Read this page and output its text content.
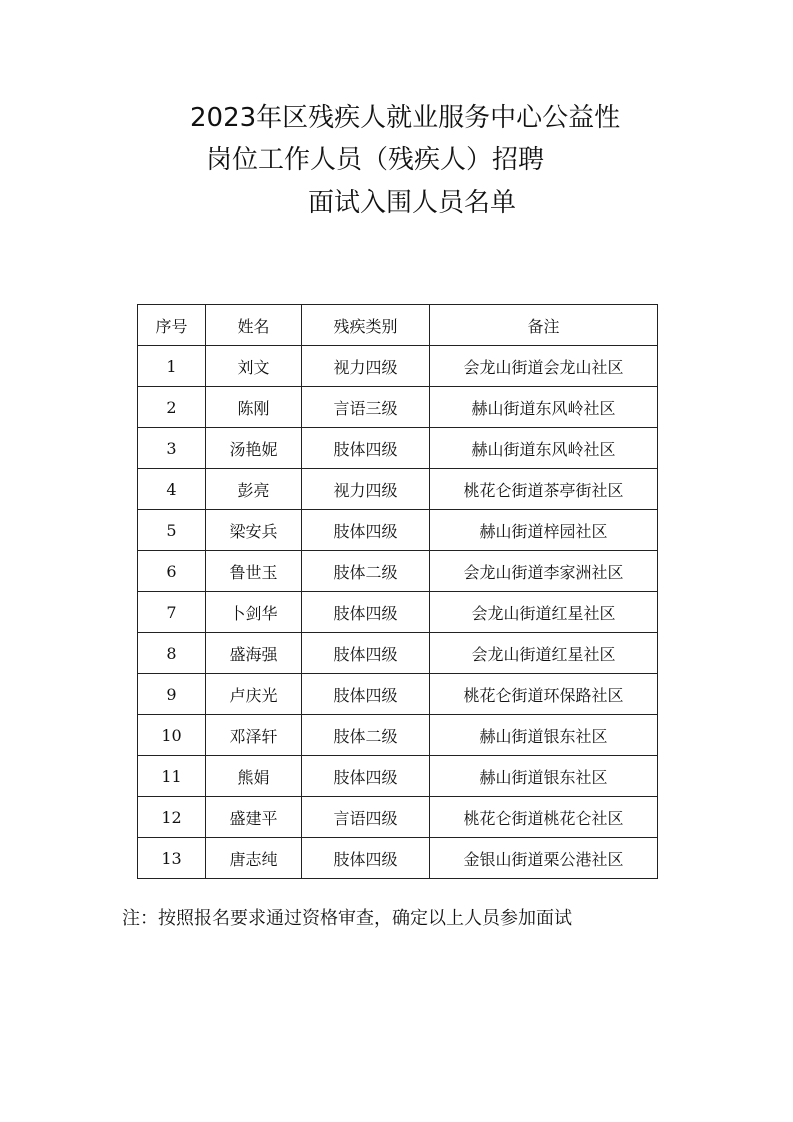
2023年区残疾人就业服务中心公益性
岗位工作人员（残疾人）招聘
面试入围人员名单
序号	姓名	残疾类别	备注
1	刘文	视力四级	会龙山街道会龙山社区
2	陈刚	言语三级	赫山街道东风岭社区
3	汤艳妮	肢体四级	赫山街道东风岭社区
4	彭亮	视力四级	桃花仑街道茶亭街社区
5	梁安兵	肢体四级	赫山街道梓园社区
6	鲁世玉	肢体二级	会龙山街道李家洲社区
7	卜剑华	肢体四级	会龙山街道红星社区
8	盛海强	肢体四级	会龙山街道红星社区
9	卢庆光	肢体四级	桃花仑街道环保路社区
10	邓泽轩	肢体二级	赫山街道银东社区
11	熊娟	肢体四级	赫山街道银东社区
12	盛建平	言语四级	桃花仑街道桃花仑社区
13	唐志纯	肢体四级	金银山街道栗公港社区

注：按照报名要求通过资格审查，确定以上人员参加面试
